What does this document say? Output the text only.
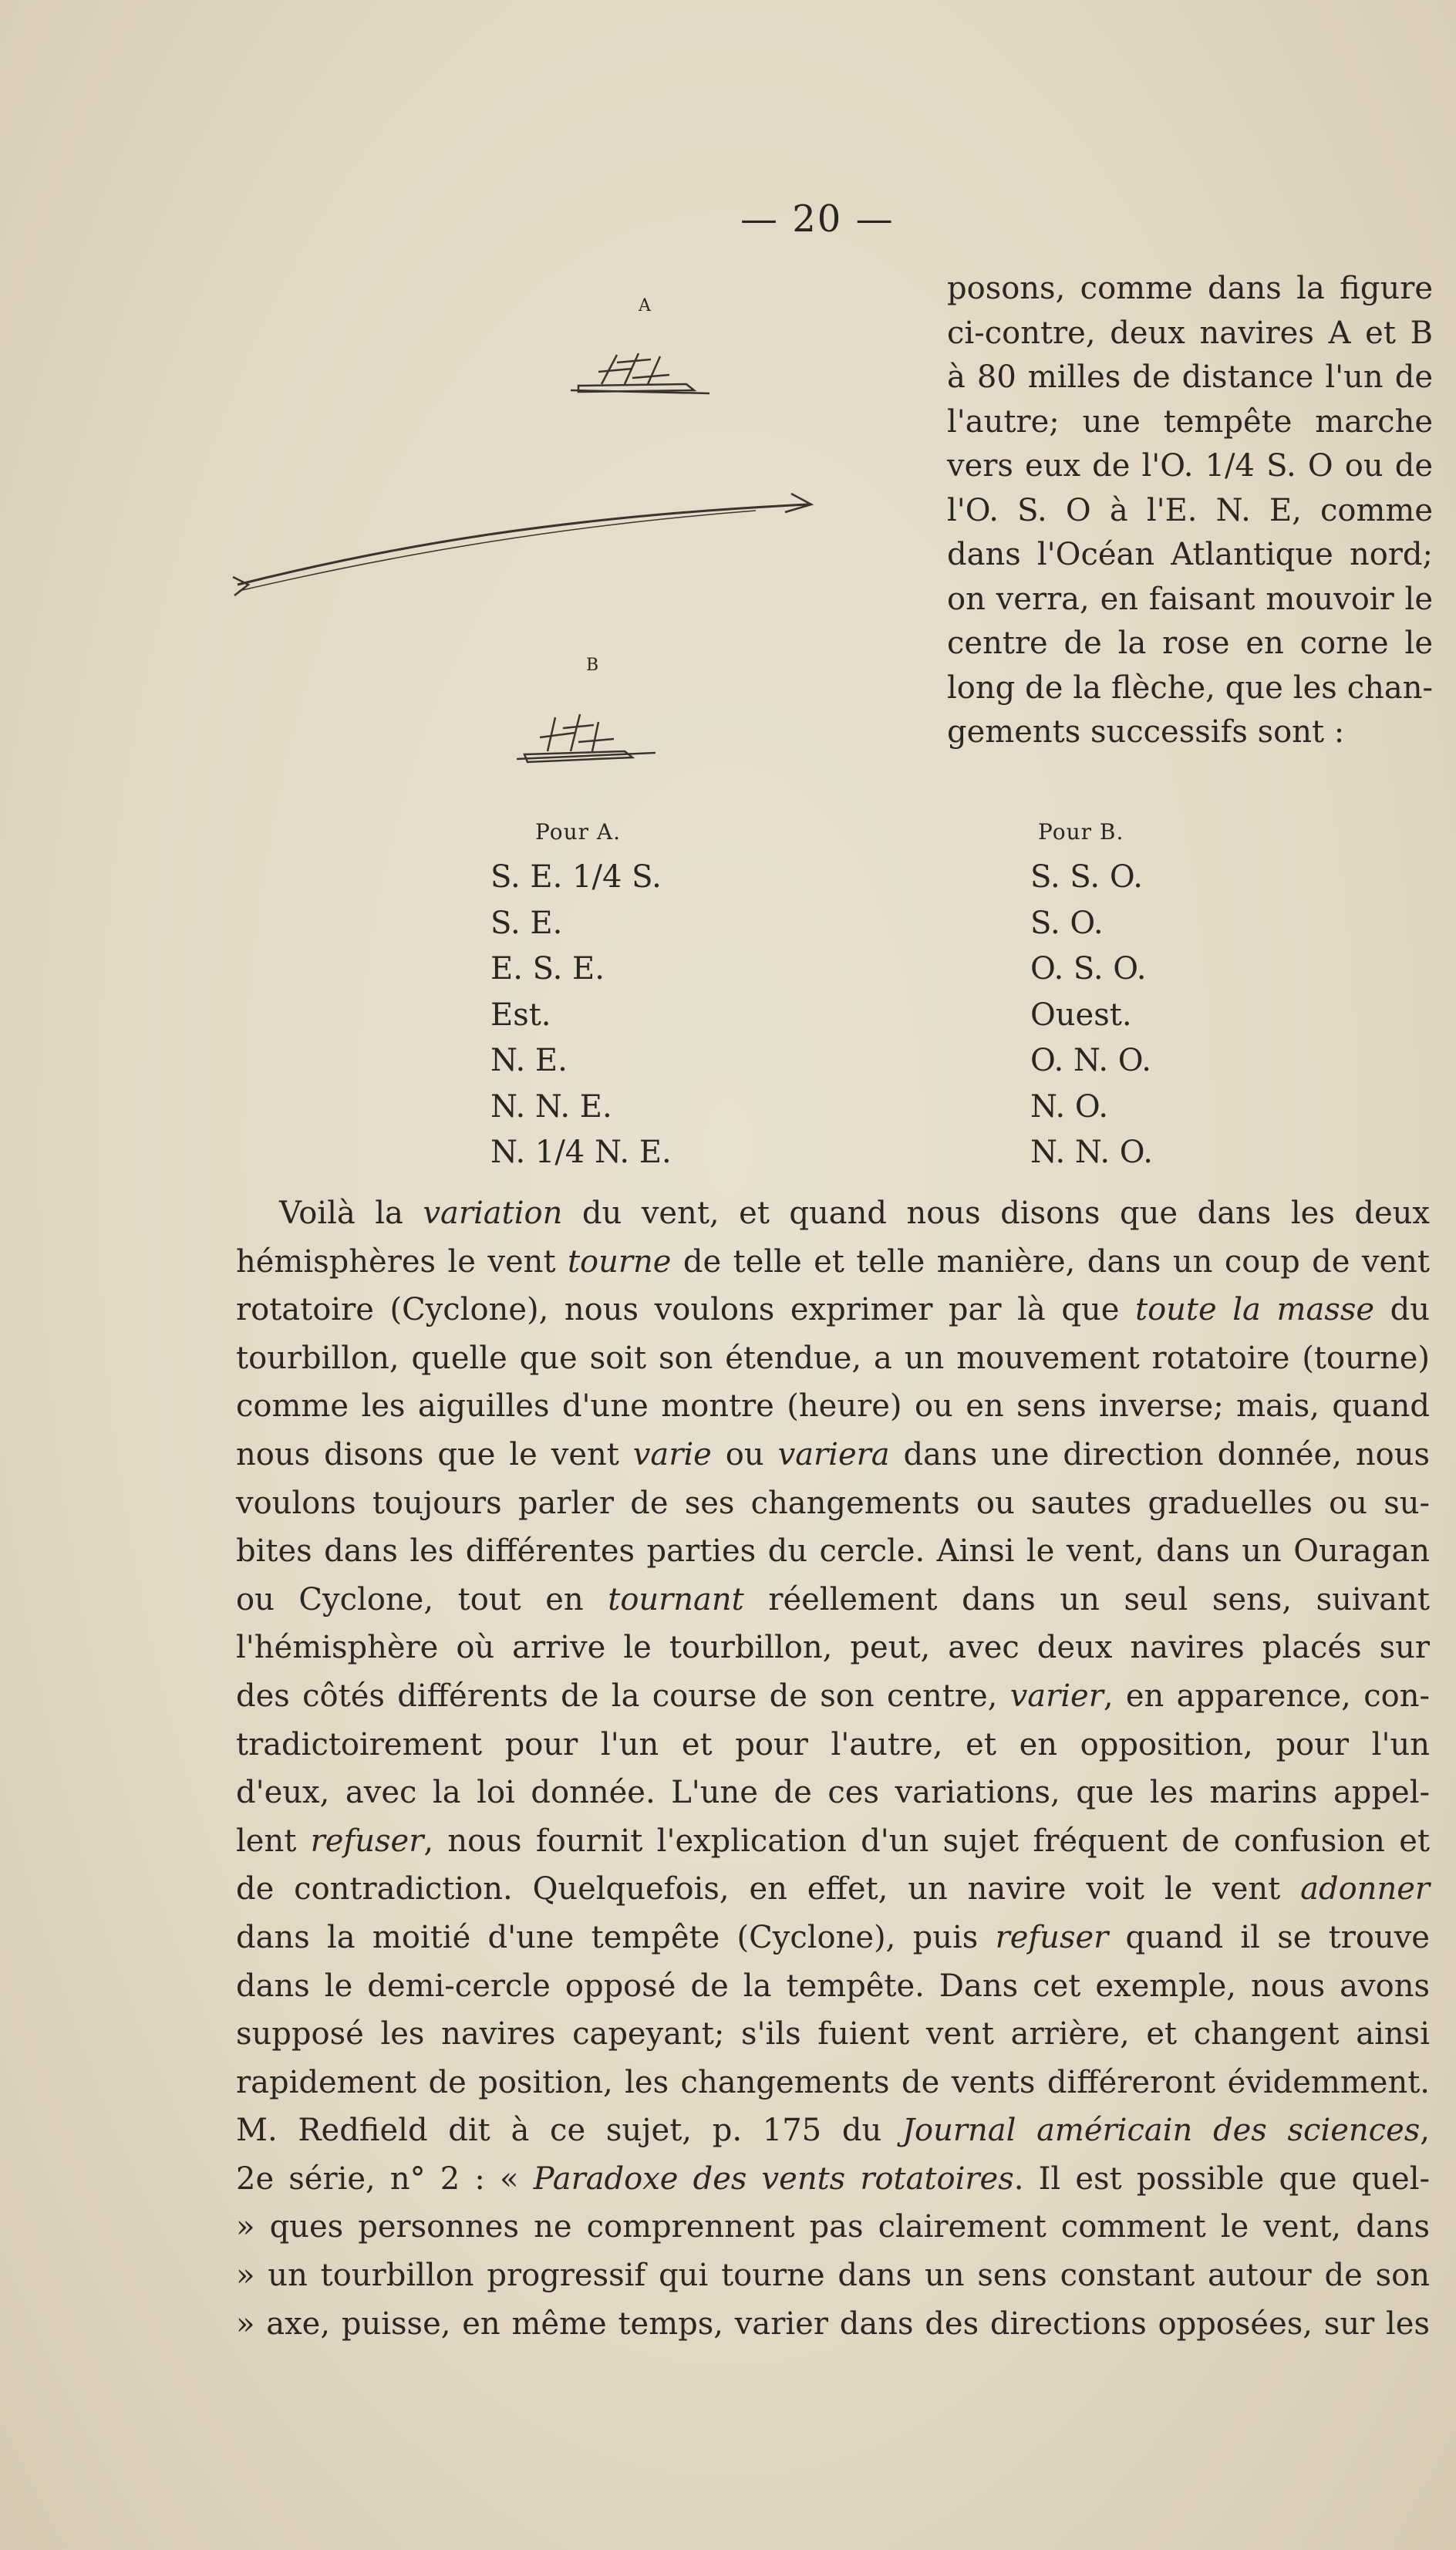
— 20 —
A
B
posons, comme dans la figure
ci-contre, deux navires A et B
à 80 milles de distance l'un de
l'autre; une tempête marche
vers eux de l'O. 1/4 S. O ou de
l'O. S. O à l'E. N. E, comme
dans l'Océan Atlantique nord;
on verra, en faisant mouvoir le
centre de la rose en corne le
long de la flèche, que les chan-
gements successifs sont :
Pour A.
S. E. 1/4 S.
S. E.
E. S. E.
Est.
N. E.
N. N. E.
N. 1/4 N. E.
Pour B.
S. S. O.
S. O.
O. S. O.
Ouest.
O. N. O.
N. O.
N. N. O.
Voilà la variation du vent, et quand nous disons que dans les deux
hémisphères le vent tourne de telle et telle manière, dans un coup de vent
rotatoire (Cyclone), nous voulons exprimer par là que toute la masse du
tourbillon, quelle que soit son étendue, a un mouvement rotatoire (tourne)
comme les aiguilles d'une montre (heure) ou en sens inverse; mais, quand
nous disons que le vent varie ou variera dans une direction donnée, nous
voulons toujours parler de ses changements ou sautes graduelles ou su-
bites dans les différentes parties du cercle. Ainsi le vent, dans un Ouragan
ou Cyclone, tout en tournant réellement dans un seul sens, suivant
l'hémisphère où arrive le tourbillon, peut, avec deux navires placés sur
des côtés différents de la course de son centre, varier, en apparence, con-
tradictoirement pour l'un et pour l'autre, et en opposition, pour l'un
d'eux, avec la loi donnée. L'une de ces variations, que les marins appel-
lent refuser, nous fournit l'explication d'un sujet fréquent de confusion et
de contradiction. Quelquefois, en effet, un navire voit le vent adonner
dans la moitié d'une tempête (Cyclone), puis refuser quand il se trouve
dans le demi-cercle opposé de la tempête. Dans cet exemple, nous avons
supposé les navires capeyant; s'ils fuient vent arrière, et changent ainsi
rapidement de position, les changements de vents différeront évidemment.
M. Redfield dit à ce sujet, p. 175 du Journal américain des sciences,
2e série, n° 2 : « Paradoxe des vents rotatoires. Il est possible que quel-
» ques personnes ne comprennent pas clairement comment le vent, dans
» un tourbillon progressif qui tourne dans un sens constant autour de son
» axe, puisse, en même temps, varier dans des directions opposées, sur les
